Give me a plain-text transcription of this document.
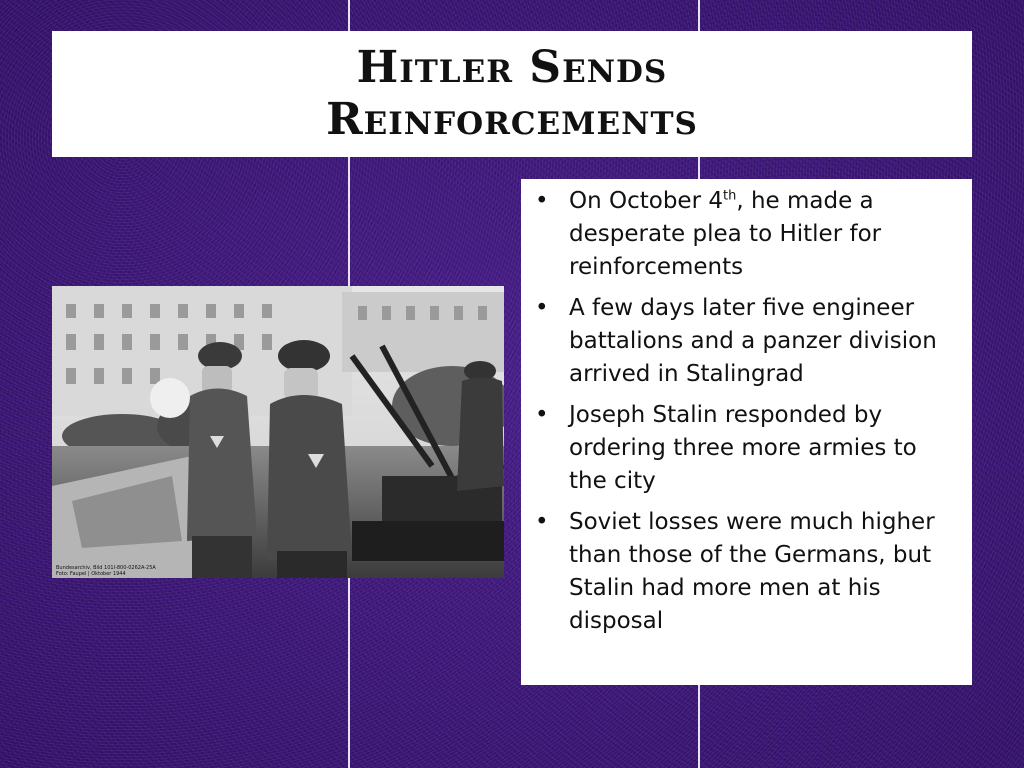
Hitler Sends
Reinforcements
Bundesarchiv, Bild 101I-800-0262A-25A
Foto: Faupel | Oktober 1944
• On October 4th, he made a desperate plea to Hitler for reinforcements
• A few days later five engineer battalions and a panzer division arrived in Stalingrad
• Joseph Stalin responded by ordering three more armies to the city
• Soviet losses were much higher than those of the Germans, but Stalin had more men at his disposal
